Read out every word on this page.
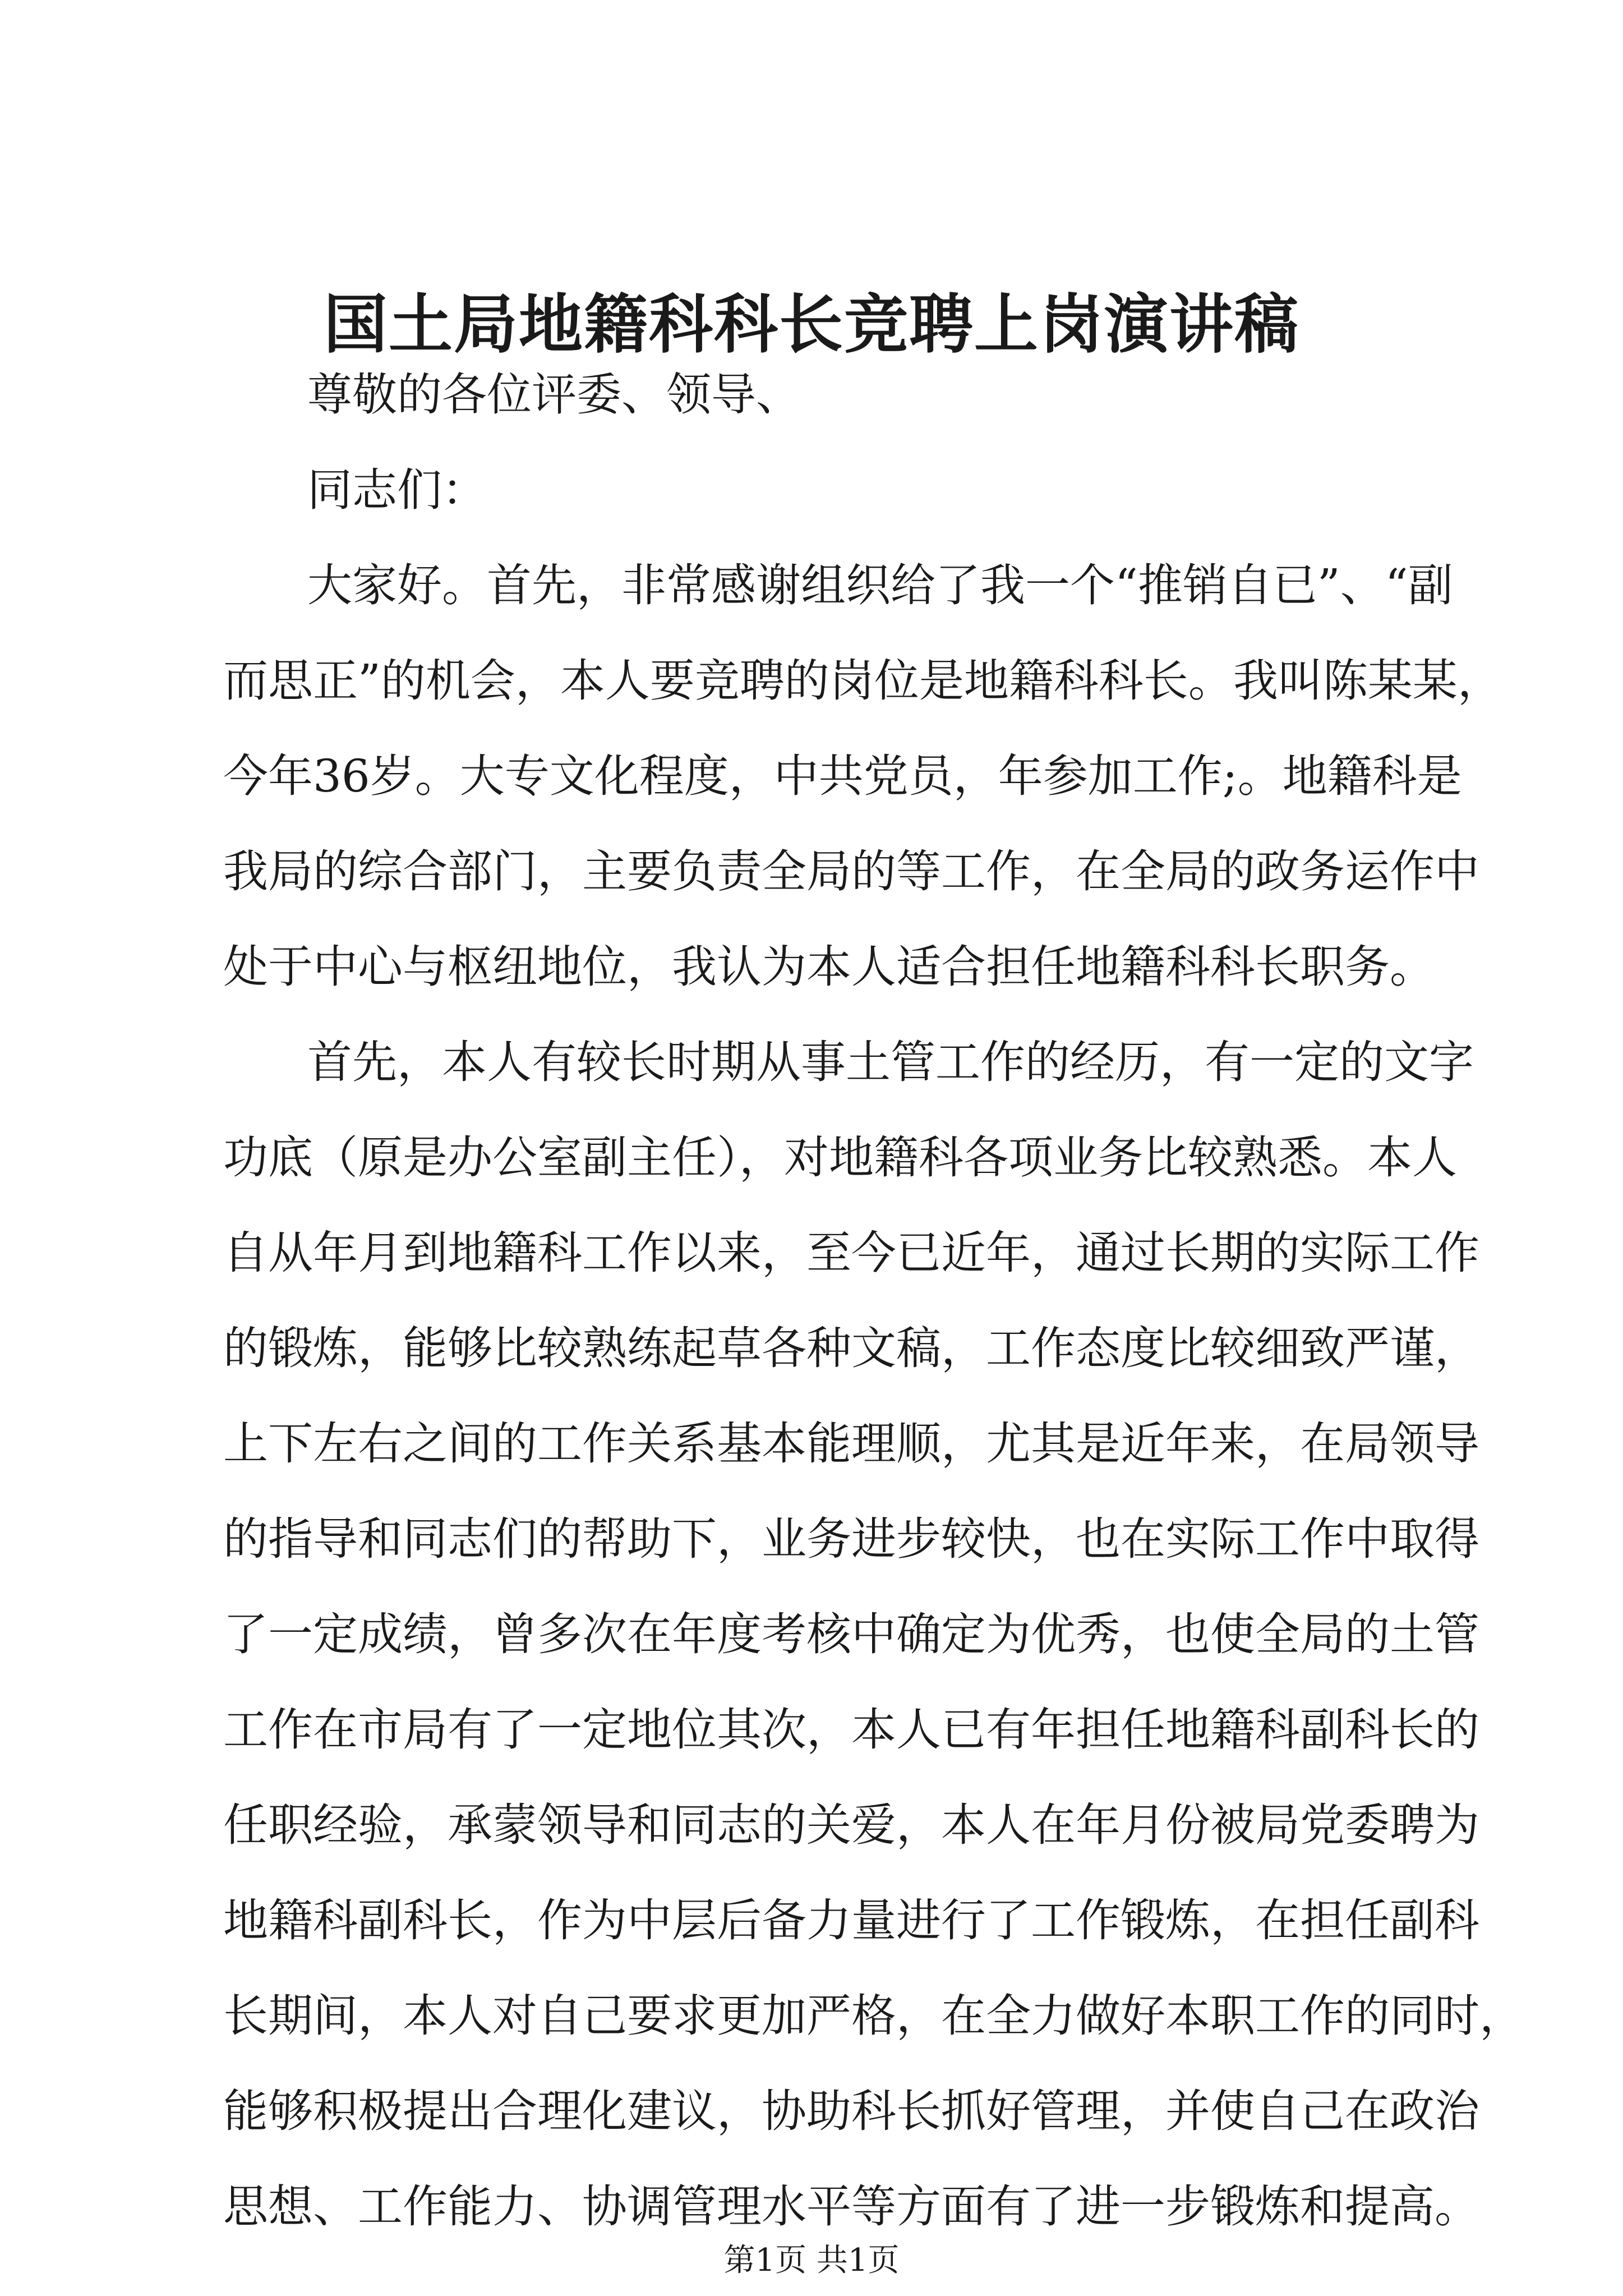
国土局地籍科科长竞聘上岗演讲稿

尊敬的各位评委、领导、

同志们：

大家好。首先，非常感谢组织给了我一个“推销自已”、“副

而思正”的机会，本人要竞聘的岗位是地籍科科长。我叫陈某某，

今年36岁。大专文化程度，中共党员，年参加工作;。地籍科是

我局的综合部门，主要负责全局的等工作，在全局的政务运作中

处于中心与枢纽地位，我认为本人适合担任地籍科科长职务。

首先，本人有较长时期从事土管工作的经历，有一定的文字

功底（原是办公室副主任），对地籍科各项业务比较熟悉。本人

自从年月到地籍科工作以来，至今已近年，通过长期的实际工作

的锻炼，能够比较熟练起草各种文稿，工作态度比较细致严谨，

上下左右之间的工作关系基本能理顺，尤其是近年来，在局领导

的指导和同志们的帮助下，业务进步较快，也在实际工作中取得

了一定成绩，曾多次在年度考核中确定为优秀，也使全局的土管

工作在市局有了一定地位其次，本人已有年担任地籍科副科长的

任职经验，承蒙领导和同志的关爱，本人在年月份被局党委聘为

地籍科副科长，作为中层后备力量进行了工作锻炼，在担任副科

长期间，本人对自己要求更加严格，在全力做好本职工作的同时，

能够积极提出合理化建议，协助科长抓好管理，并使自己在政治

思想、工作能力、协调管理水平等方面有了进一步锻炼和提高。

第1页 共1页
